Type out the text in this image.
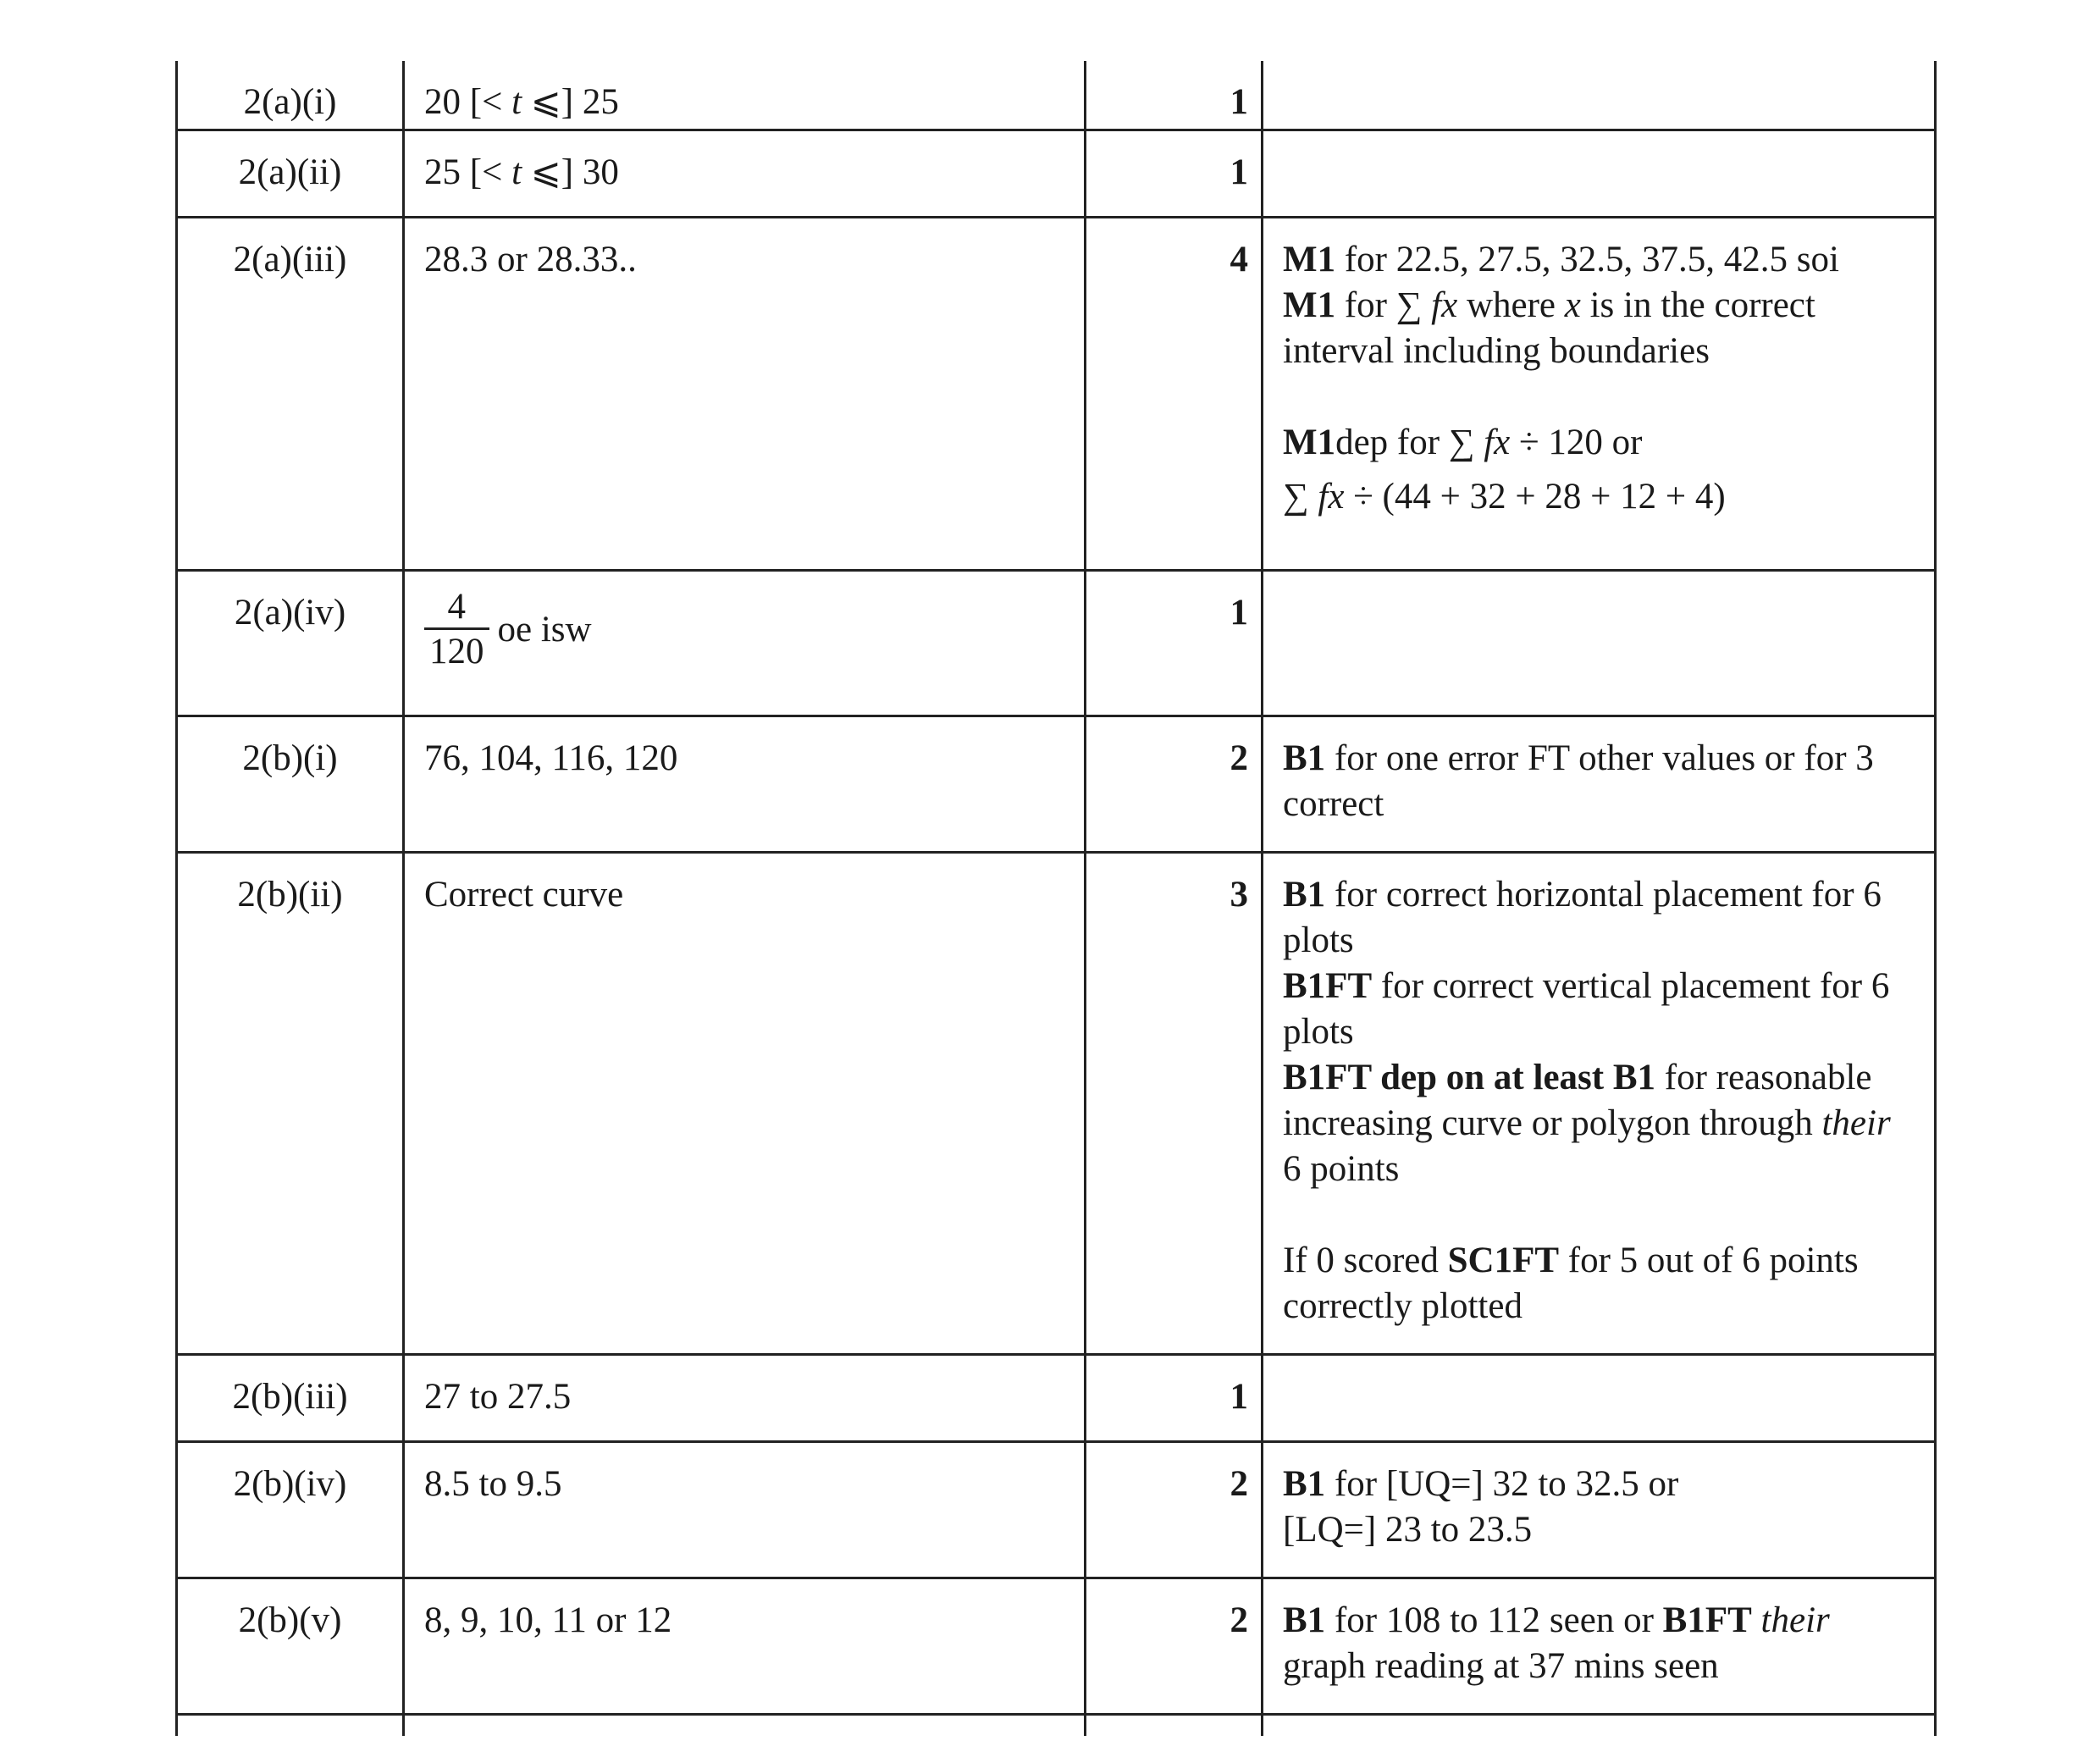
2(a)(i)	20 [< t ⩽] 25	1	
2(a)(ii)	25 [< t ⩽] 30	1	
2(a)(iii)	28.3 or 28.33..	4	M1 for 22.5, 27.5, 32.5, 37.5, 42.5 soi
M1 for ∑ fx where x is in the correct interval including boundaries
M1dep for ∑ fx ÷ 120 or
∑ fx ÷ (44 + 32 + 28 + 12 + 4)

2(a)(iv)	$\frac{4}{120}$ oe isw	1	
2(b)(i)	76, 104, 116, 120	2	B1 for one error FT other values or for 3 correct

2(b)(ii)	Correct curve	3	B1 for correct horizontal placement for 6 plots
B1FT for correct vertical placement for 6 plots
B1FT dep on at least B1 for reasonable increasing curve or polygon through their 6 points
If 0 scored SC1FT for 5 out of 6 points correctly plotted

2(b)(iii)	27 to 27.5	1	
2(b)(iv)	8.5 to 9.5	2	B1 for [UQ=] 32 to 32.5 or
[LQ=] 23 to 23.5

2(b)(v)	8, 9, 10, 11 or 12	2	B1 for 108 to 112 seen or B1FT their graph reading at 37 mins seen
